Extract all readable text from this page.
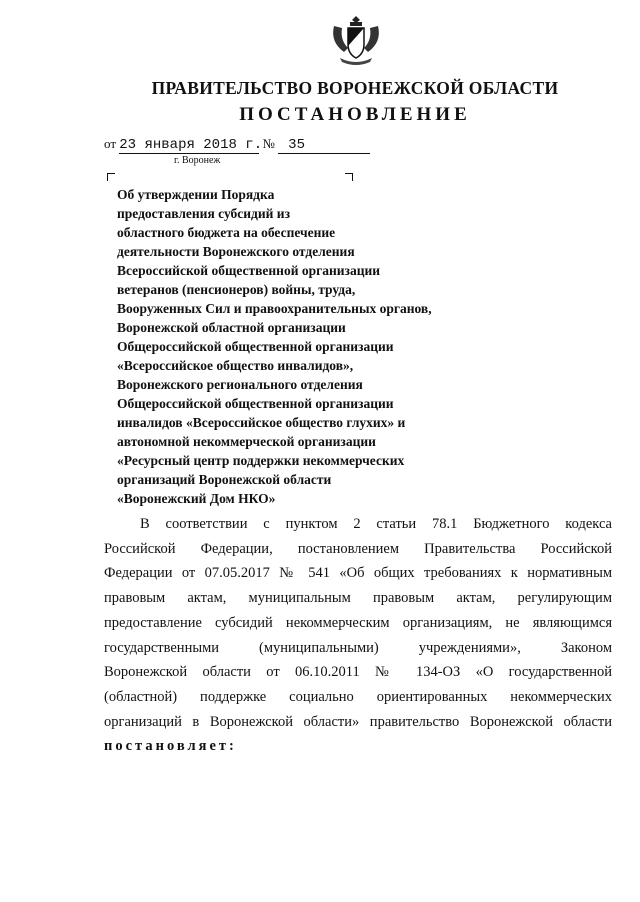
ПРАВИТЕЛЬСТВО ВОРОНЕЖСКОЙ ОБЛАСТИ
ПОСТАНОВЛЕНИЕ
от 23 января 2018 г. № 35
г. Воронеж
Об утверждении Порядка
предоставления субсидий из
областного бюджета на обеспечение
деятельности Воронежского отделения
Всероссийской общественной организации
ветеранов (пенсионеров) войны, труда,
Вооруженных Сил и правоохранительных органов,
Воронежской областной организации
Общероссийской общественной организации
«Всероссийское общество инвалидов»,
Воронежского регионального отделения
Общероссийской общественной организации
инвалидов «Всероссийское общество глухих» и
автономной некоммерческой организации
«Ресурсный центр поддержки некоммерческих
организаций Воронежской области
«Воронежский Дом НКО»
В соответствии с пунктом 2 статьи 78.1 Бюджетного кодекса
Российской Федерации, постановлением Правительства Российской
Федерации от 07.05.2017 № 541 «Об общих требованиях к нормативным
правовым актам, муниципальным правовым актам, регулирующим
предоставление субсидий некоммерческим организациям, не являющимся
государственными (муниципальными) учреждениями», Законом
Воронежской области от 06.10.2011 № 134-ОЗ «О государственной
(областной) поддержке социально ориентированных некоммерческих
организаций в Воронежской области» правительство Воронежской области
постановляет:
